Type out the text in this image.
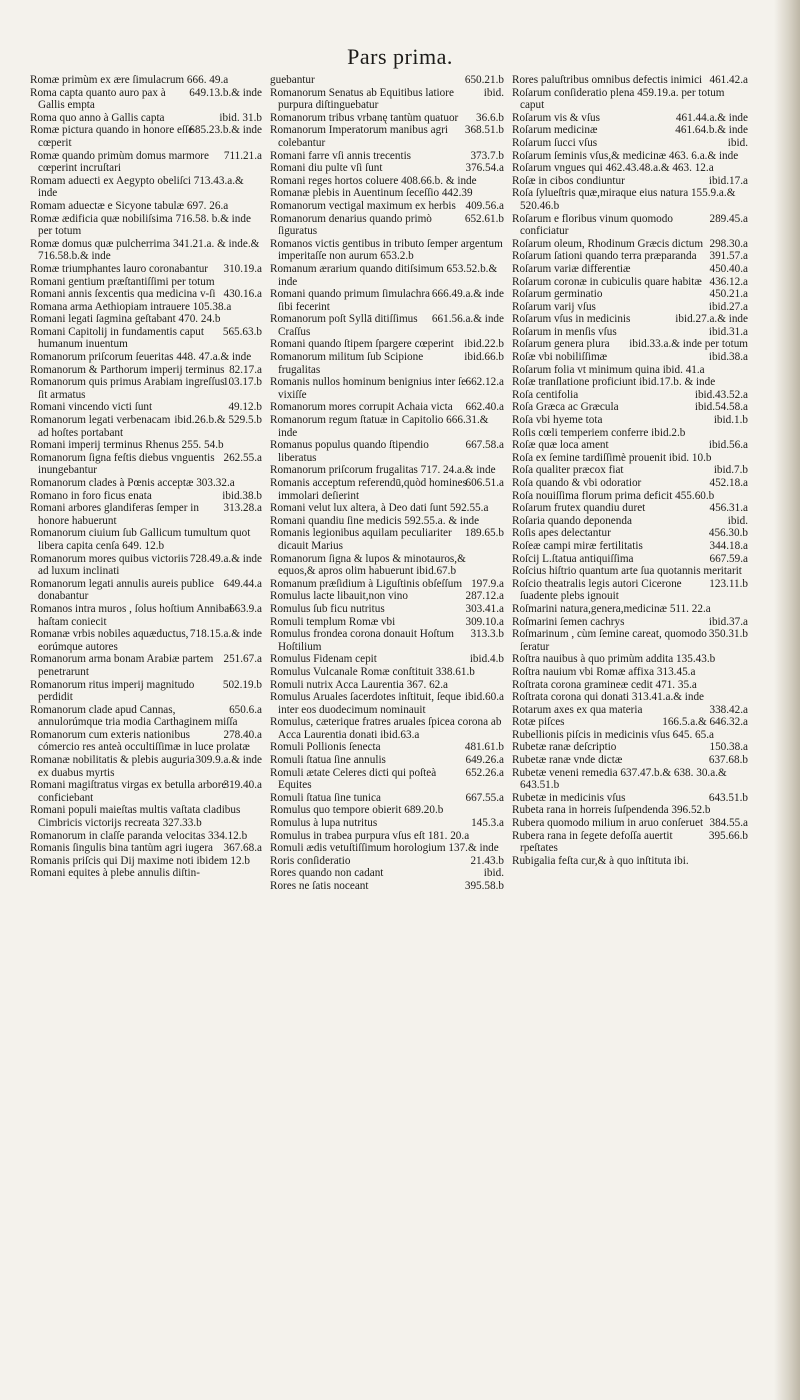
Pars prima.

Romæ primùm ex ære ſimulacrum 666. 49.a

649.13.b.& inde
Roma capta quanto auro pax à Gallis empta

ibid. 31.b
Roma quo anno à Gallis capta

685.23.b.& inde
Romæ pictura quando in honore eſſe cœperit

711.21.a
Romæ quando primùm domus marmore cœperint incruſtari

Romam aduecti ex Aegypto obeliſci 713.43.a.& inde

Romam aduectæ e Sicyone tabulæ 697. 26.a

Romæ ædificia quæ nobiliſsima 716.58. b.& inde per totum

Romæ domus quæ pulcherrima 341.21.a. & inde.& 716.58.b.& inde

310.19.a
Romæ triumphantes lauro coronabantur

Romani gentium præſtantiſſimi per totum

430.16.a
Romani annis ſexcentis qua medicina v-ſi

Romana arma Aethiopiam intrauere 105.38.a

Romani legati ſagmina geſtabant 470. 24.b

565.63.b
Romani Capitolij in fundamentis caput humanum inuentum

Romanorum priſcorum ſeueritas 448. 47.a.& inde

82.17.a
Romanorum & Parthorum imperij terminus

103.17.b
Romanorum quis primus Arabiam ingreſſus ſit armatus

49.12.b
Romani vincendo victi ſunt

ibid.26.b.& 529.5.b
Romanorum legati verbenacam ad hoſtes portabant

Romani imperij terminus Rhenus 255. 54.b

262.55.a
Romanorum ſigna feſtis diebus vnguentis inungebantur

Romanorum clades à Pœnis acceptæ 303.32.a

ibid.38.b
Romano in foro ficus enata

313.28.a
Romani arbores glandiferas ſemper in honore habuerunt

Romanorum ciuium ſub Gallicum tumultum quot libera capita cenſa 649. 12.b

728.49.a.& inde
Romanorum mores quibus victoriis ad luxum inclinati

649.44.a
Romanorum legati annulis aureis publice donabantur

663.9.a
Romanos intra muros , ſolus hoſtium Annibal haſtam coniecit

718.15.a.& inde
Romanæ vrbis nobiles aquæductus, eorúmque autores

251.67.a
Romanorum arma bonam Arabiæ partem penetrarunt

502.19.b
Romanorum ritus imperij magnitudo perdidit

650.6.a
Romanorum clade apud Cannas, annulorúmque tria modia Carthaginem miſſa

278.40.a
Romanorum cum exteris nationibus cómercio res anteà occultiſſimæ in luce prolatæ

309.9.a.& inde
Romanæ nobilitatis & plebis auguria ex duabus myrtis

319.40.a
Romani magiſtratus virgas ex betulla arbore conficiebant

Romani populi maieſtas multis vaſtata cladibus Cimbricis victorijs recreata 327.33.b

Romanorum in claſſe paranda velocitas 334.12.b

367.68.a
Romanis ſingulis bina tantùm agri iugera

Romanis priſcis qui Dij maxime noti ibidem 12.b

Romani equites à plebe annulis diſtin-

650.21.b
guebantur

ibid.
Romanorum Senatus ab Equitibus latiore purpura diſtinguebatur

36.6.b
Romanorum tribus vrbanę tantùm quatuor

368.51.b
Romanorum Imperatorum manibus agri colebantur

373.7.b
Romani farre vſi annis trecentis

376.54.a
Romani diu pulte vſi ſunt

Romani reges hortos coluere 408.66.b. & inde

Romanæ plebis in Auentinum ſeceſſio 442.39

409.56.a
Romanorum vectigal maximum ex herbis

652.61.b
Romanorum denarius quando primò ſiguratus

Romanos victis gentibus in tributo ſemper argentum imperitaſſe non aurum 653.2.b

Romanum ærarium quando ditiſsimum 653.52.b.& inde

666.49.a.& inde
Romani quando primum ſimulachra ſibi fecerint

661.56.a.& inde
Romanorum poſt Syllā ditiſſimus Craſſus

ibid.22.b
Romani quando ſtipem ſpargere cœperint

ibid.66.b
Romanorum militum ſub Scipione frugalitas

662.12.a
Romanis nullos hominum benignius inter ſe vixiſſe

662.40.a
Romanorum mores corrupit Achaia victa

Romanorum regum ſtatuæ in Capitolio 666.31.& inde

667.58.a
Romanus populus quando ſtipendio liberatus

Romanorum priſcorum frugalitas 717. 24.a.& inde

606.51.a
Romanis acceptum referendū,quòd homines immolari deſierint

Romani velut lux altera, à Deo dati ſunt 592.55.a

Romani quandiu ſine medicis 592.55.a. & inde

189.65.b
Romanis legionibus aquilam peculiariter dicauit Marius

Romanorum ſigna & lupos & minotauros,& equos,& apros olim habuerunt ibid.67.b

197.9.a
Romanum præſidium à Liguſtinis obſeſſum

287.12.a
Romulus lacte libauit,non vino

303.41.a
Romulus ſub ficu nutritus

309.10.a
Romuli templum Romæ vbi

313.3.b
Romulus frondea corona donauit Hoſtum Hoſtilium

ibid.4.b
Romulus Fidenam cepit

Romulus Vulcanale Romæ conſtituit 338.61.b

Romuli nutrix Acca Laurentia 367. 62.a

ibid.60.a
Romulus Aruales ſacerdotes inſtituit, ſeque inter eos duodecimum nominauit

Romulus, cæterique fratres aruales ſpicea corona ab Acca Laurentia donati ibid.63.a

481.61.b
Romuli Pollionis ſenecta

649.26.a
Romuli ſtatua ſine annulis

652.26.a
Romuli ætate Celeres dicti qui poſteà Equites

667.55.a
Romuli ſtatua ſine tunica

Romulus quo tempore obierit 689.20.b

145.3.a
Romulus à lupa nutritus

Romulus in trabea purpura vſus eſt 181. 20.a

Romuli ædis vetuſtiſſimum horologium 137.& inde

21.43.b
Roris conſideratio

ibid.
Rores quando non cadant

395.58.b
Rores ne ſatis noceant

461.42.a
Rores paluſtribus omnibus defectis inimici

Roſarum conſideratio plena 459.19.a. per totum caput

461.44.a.& inde
Roſarum vis & vſus

461.64.b.& inde
Roſarum medicinæ

ibid.
Roſarum ſucci vſus

Roſarum ſeminis vſus,& medicinæ 463. 6.a.& inde

Roſarum vngues qui 462.43.48.a.& 463. 12.a

ibid.17.a
Roſæ in cibos condiuntur

Roſa ſylueſtris quæ,miraque eius natura 155.9.a.& 520.46.b

289.45.a
Roſarum e floribus vinum quomodo conficiatur

298.30.a
Roſarum oleum, Rhodinum Græcis dictum

391.57.a
Roſarum ſationi quando terra præparanda

450.40.a
Roſarum variæ differentiæ

436.12.a
Roſarum coronæ in cubiculis quare habitæ

450.21.a
Roſarum germinatio

ibid.27.a
Roſarum varij vſus

ibid.27.a.& inde
Roſarum vſus in medicinis

ibid.31.a
Roſarum in menſis vſus

ibid.33.a.& inde per totum
Roſarum genera plura

ibid.38.a
Roſæ vbi nobiliſſimæ

Roſarum folia vt minimum quina ibid. 41.a

Roſæ tranſlatione proficiunt ibid.17.b. & inde

ibid.43.52.a
Roſa centifolia

ibid.54.58.a
Roſa Græca ac Græcula

ibid.1.b
Roſa vbi hyeme tota

Roſis cœli temperiem conferre ibid.2.b

ibid.56.a
Roſæ quæ loca ament

Roſa ex ſemine tardiſſimè prouenit ibid. 10.b

ibid.7.b
Roſa qualiter præcox fiat

452.18.a
Roſa quando & vbi odoratior

Roſa nouiſſima florum prima deficit 455.60.b

456.31.a
Roſarum frutex quandiu duret

ibid.
Roſaria quando deponenda

456.30.b
Roſis apes delectantur

344.18.a
Roſeæ campi miræ fertilitatis

667.59.a
Roſcij L.ſtatua antiquiſſima

Roſcius hiſtrio quantum arte ſua quotannis meritarit

123.11.b
Roſcio theatralis legis autori Cicerone ſuadente plebs ignouit

Roſmarini natura,genera,medicinæ 511. 22.a

ibid.37.a
Roſmarini ſemen cachrys

350.31.b
Roſmarinum , cùm ſemine careat, quomodo ſeratur

Roſtra nauibus à quo primùm addita 135.43.b

Roſtra nauium vbi Romæ affixa 313.45.a

Roſtrata corona gramineæ cedit 471. 35.a

Roſtrata corona qui donati 313.41.a.& inde

338.42.a
Rotarum axes ex qua materia

166.5.a.& 646.32.a
Rotæ piſces

Rubellionis piſcis in medicinis vſus 645. 65.a

150.38.a
Rubetæ ranæ deſcriptio

637.68.b
Rubetæ ranæ vnde dictæ

Rubetæ veneni remedia 637.47.b.& 638. 30.a.& 643.51.b

643.51.b
Rubetæ in medicinis vſus

Rubeta rana in horreis ſuſpendenda 396.52.b

384.55.a
Rubera quomodo milium in aruo conſeruet

395.66.b
Rubera rana in ſegete defoſſa auertit rpeſtates

Rubigalia feſta cur,& à quo inſtituta ibi.
